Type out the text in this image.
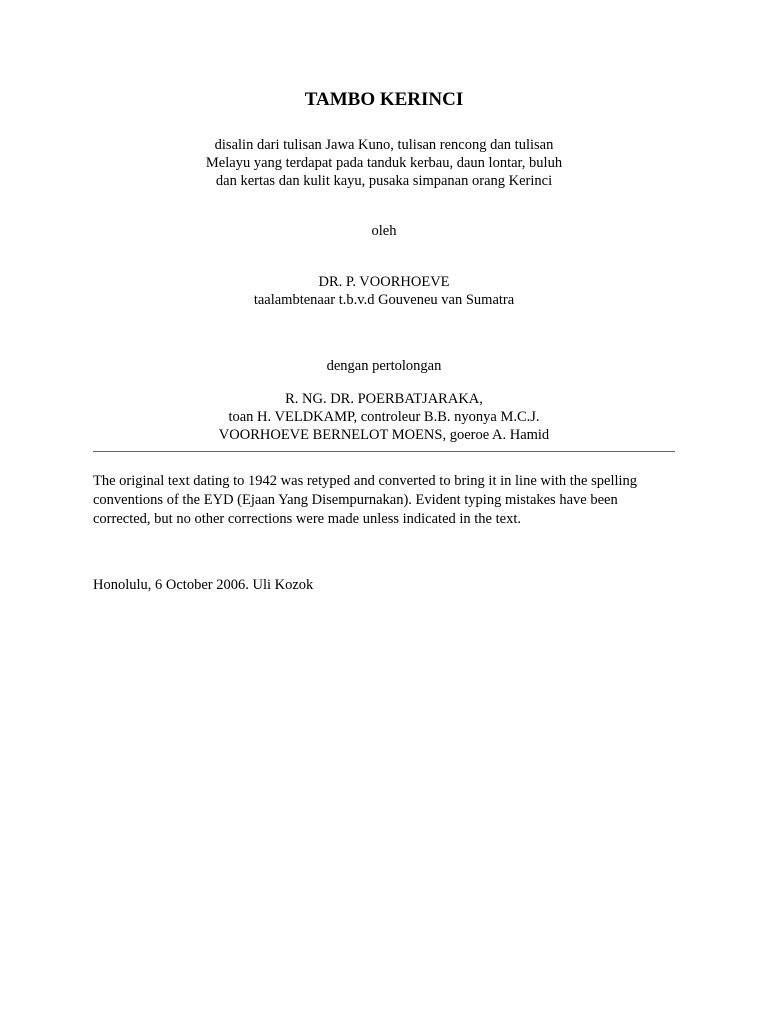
TAMBO KERINCI
disalin dari tulisan Jawa Kuno, tulisan rencong dan tulisan
Melayu yang terdapat pada tanduk kerbau, daun lontar, buluh
dan kertas dan kulit kayu, pusaka simpanan orang Kerinci
oleh
DR. P. VOORHOEVE
taalambtenaar t.b.v.d Gouveneu van Sumatra
dengan pertolongan
R. NG. DR. POERBATJARAKA,
toan H. VELDKAMP, controleur B.B. nyonya M.C.J.
VOORHOEVE BERNELOT MOENS, goeroe A. Hamid
The original text dating to 1942 was retyped and converted to bring it in line with the spelling
conventions of the EYD (Ejaan Yang Disempurnakan). Evident typing mistakes have been
corrected, but no other corrections were made unless indicated in the text.
Honolulu, 6 October 2006. Uli Kozok
